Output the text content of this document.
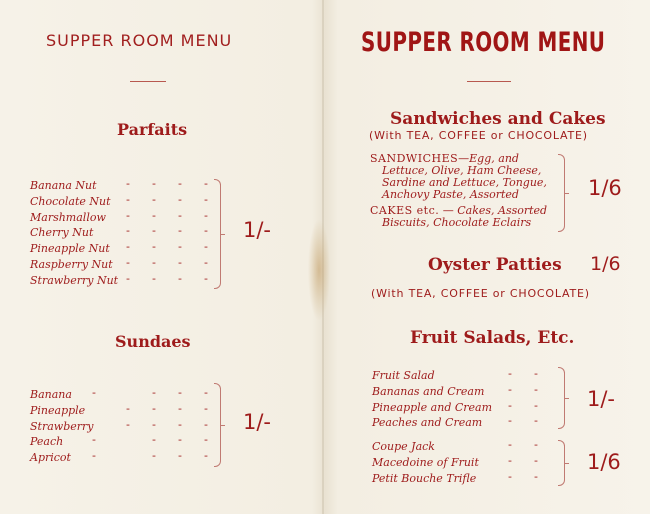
SUPPER ROOM MENU
Parfaits
Banana Nut	- - - -
Chocolate Nut - - - -
Marshmallow - - - -
Cherry Nut	- - - -
Pineapple Nut - - - -
Raspberry Nut - - - -
Strawberry Nut - - - -
1/-
Sundaes
Banana -	- - -
Pineapple	- - - -
Strawberry	- - - -
Peach	-	- - -
Apricot -	- - -
1/-
SUPPER ROOM MENU
Sandwiches and Cakes
(With TEA, COFFEE or CHOCOLATE)
SANDWICHES—Egg, and
Lettuce, Olive, Ham Cheese,
Sardine and Lettuce, Tongue,
Anchovy Paste, Assorted
CAKES etc. — Cakes, Assorted
Biscuits, Chocolate Eclairs
1/6
Oyster Patties 1/6
(With TEA, COFFEE or CHOCOLATE)
Fruit Salads, Etc.
Fruit Salad	- -
Bananas and Cream - -
Pineapple and Cream - -
Peaches and Cream - -
1/-
Coupe Jack	- -
Macedoine of Fruit	- -
Petit Bouche Trifle	- -
1/6
